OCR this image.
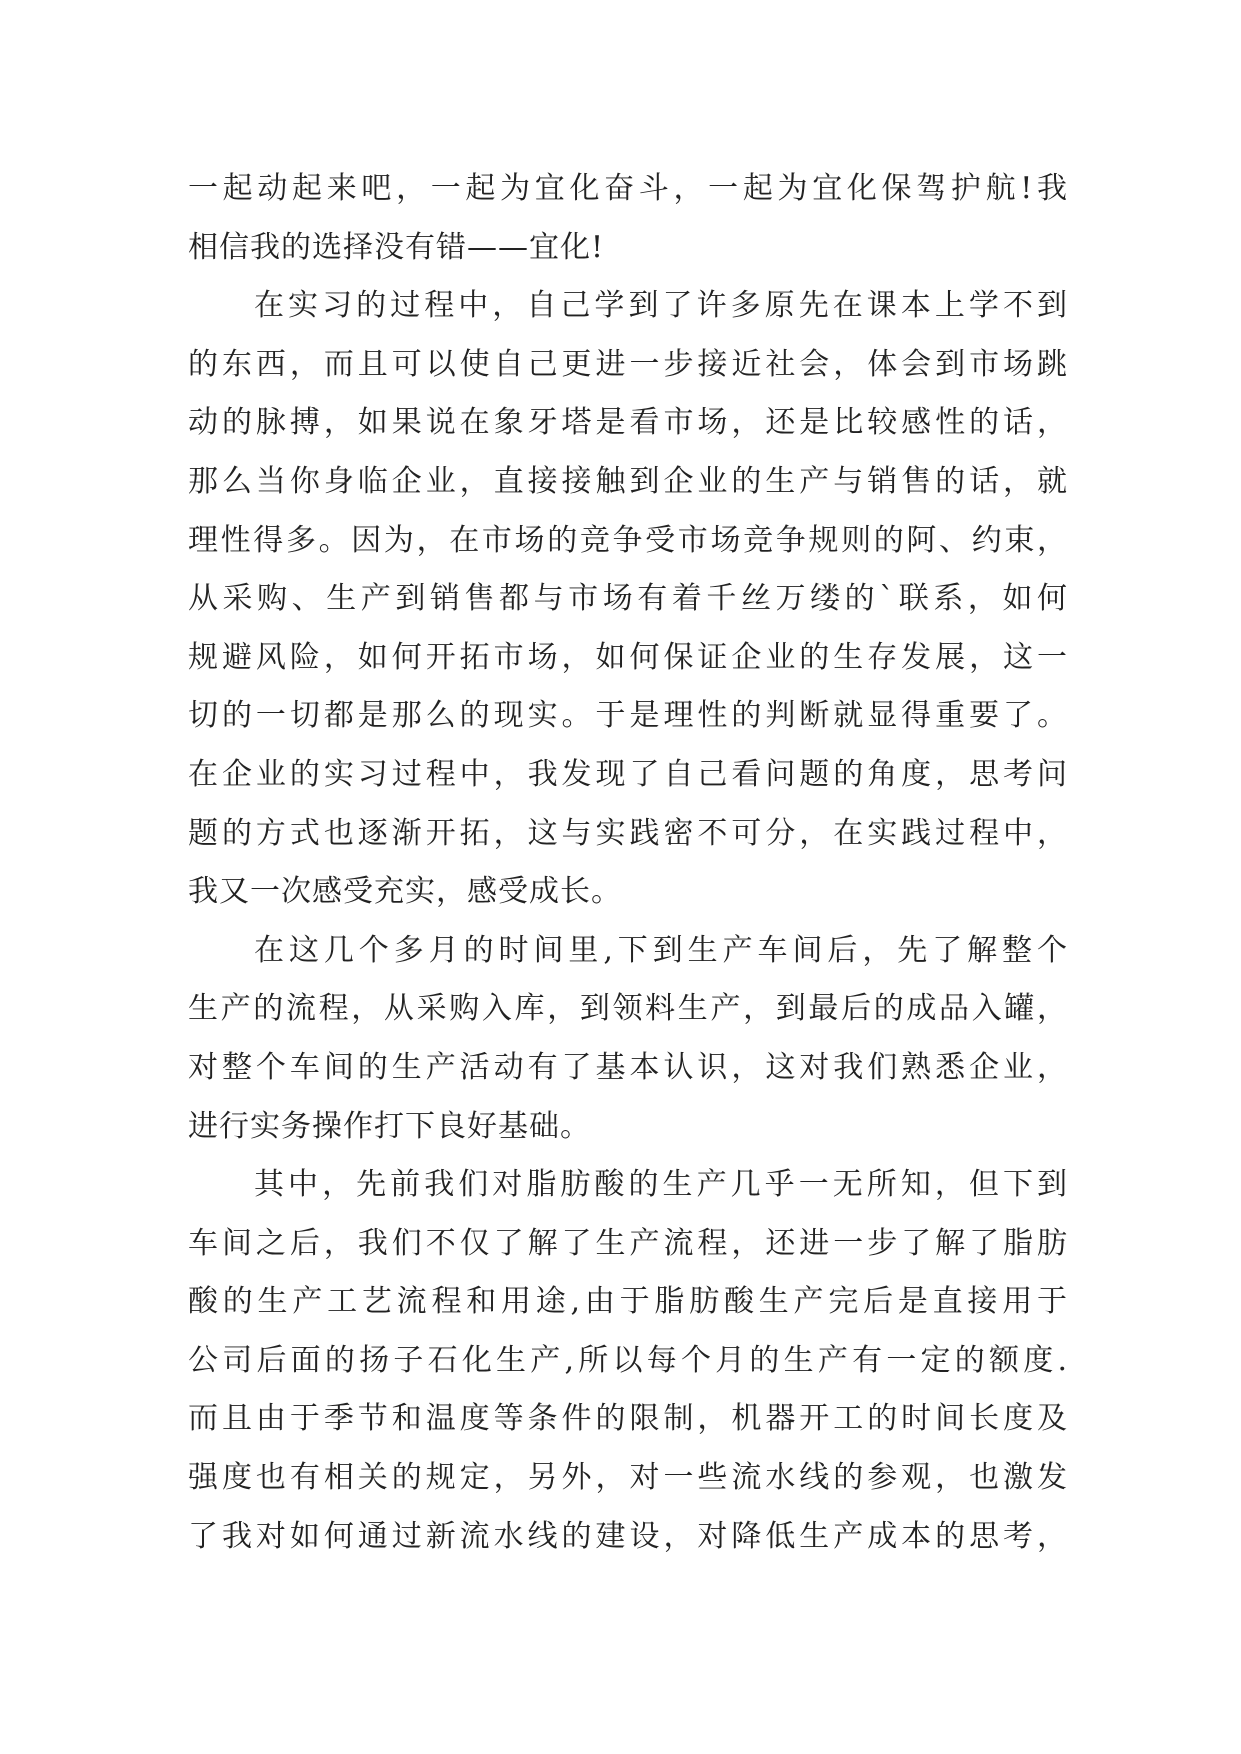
一起动起来吧，一起为宜化奋斗，一起为宜化保驾护航!我
相信我的选择没有错——宜化!
在实习的过程中，自己学到了许多原先在课本上学不到
的东西，而且可以使自己更进一步接近社会，体会到市场跳
动的脉搏，如果说在象牙塔是看市场，还是比较感性的话，
那么当你身临企业，直接接触到企业的生产与销售的话，就
理性得多。因为，在市场的竞争受市场竞争规则的阿、约束，
从采购、生产到销售都与市场有着千丝万缕的`联系，如何
规避风险，如何开拓市场，如何保证企业的生存发展，这一
切的一切都是那么的现实。于是理性的判断就显得重要了。
在企业的实习过程中，我发现了自己看问题的角度，思考问
题的方式也逐渐开拓，这与实践密不可分，在实践过程中，
我又一次感受充实，感受成长。
在这几个多月的时间里,下到生产车间后，先了解整个
生产的流程，从采购入库，到领料生产，到最后的成品入罐，
对整个车间的生产活动有了基本认识，这对我们熟悉企业，
进行实务操作打下良好基础。
其中，先前我们对脂肪酸的生产几乎一无所知，但下到
车间之后，我们不仅了解了生产流程，还进一步了解了脂肪
酸的生产工艺流程和用途,由于脂肪酸生产完后是直接用于
公司后面的扬子石化生产,所以每个月的生产有一定的额度.
而且由于季节和温度等条件的限制，机器开工的时间长度及
强度也有相关的规定，另外，对一些流水线的参观，也激发
了我对如何通过新流水线的建设，对降低生产成本的思考，
